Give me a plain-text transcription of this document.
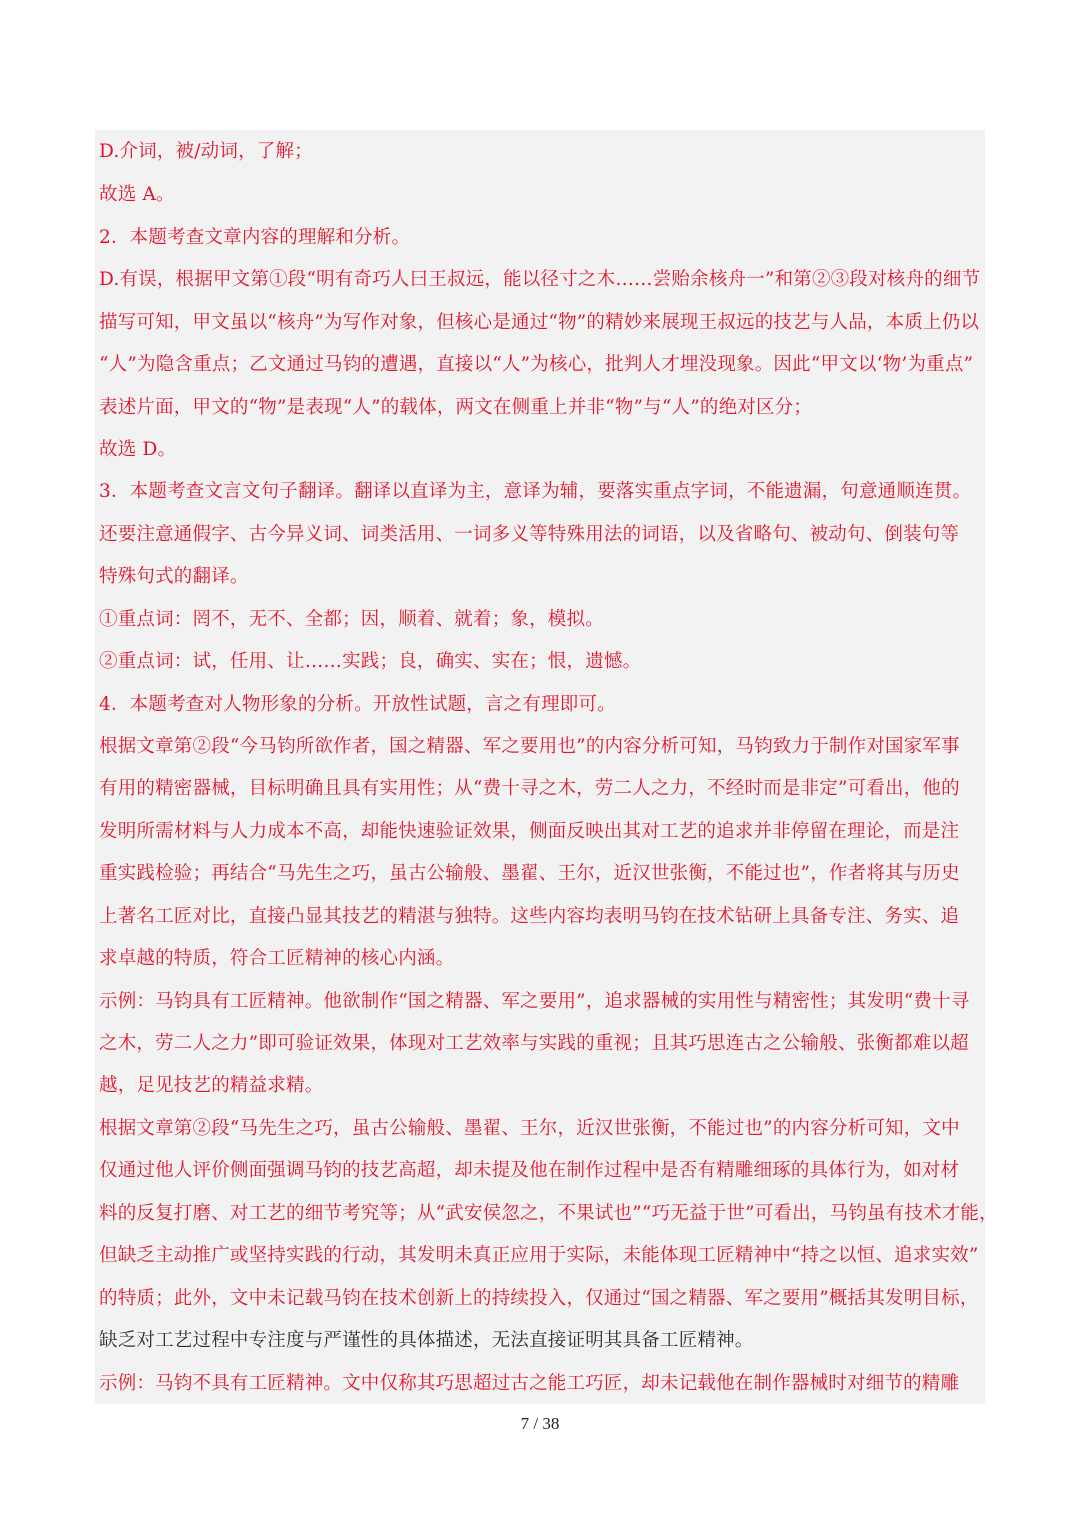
D.介词，被/动词，了解；
故选 A。
2．本题考查文章内容的理解和分析。
D.有误，根据甲文第①段“明有奇巧人曰王叔远，能以径寸之木……尝贻余核舟一”和第②③段对核舟的细节
描写可知，甲文虽以“核舟”为写作对象，但核心是通过“物”的精妙来展现王叔远的技艺与人品，本质上仍以
“人”为隐含重点；乙文通过马钧的遭遇，直接以“人”为核心，批判人才埋没现象。因此“甲文以‘物’为重点”
表述片面，甲文的“物”是表现“人”的载体，两文在侧重上并非“物”与“人”的绝对区分；
故选 D。
3．本题考查文言文句子翻译。翻译以直译为主，意译为辅，要落实重点字词，不能遗漏，句意通顺连贯。
还要注意通假字、古今异义词、词类活用、一词多义等特殊用法的词语，以及省略句、被动句、倒装句等
特殊句式的翻译。
①重点词：罔不，无不、全都；因，顺着、就着；象，模拟。
②重点词：试，任用、让……实践；良，确实、实在；恨，遗憾。
4．本题考查对人物形象的分析。开放性试题，言之有理即可。
根据文章第②段“今马钧所欲作者，国之精器、军之要用也”的内容分析可知，马钧致力于制作对国家军事
有用的精密器械，目标明确且具有实用性；从“费十寻之木，劳二人之力，不经时而是非定”可看出，他的
发明所需材料与人力成本不高，却能快速验证效果，侧面反映出其对工艺的追求并非停留在理论，而是注
重实践检验；再结合“马先生之巧，虽古公输般、墨翟、王尔，近汉世张衡，不能过也”，作者将其与历史
上著名工匠对比，直接凸显其技艺的精湛与独特。这些内容均表明马钧在技术钻研上具备专注、务实、追
求卓越的特质，符合工匠精神的核心内涵。
示例：马钧具有工匠精神。他欲制作“国之精器、军之要用”，追求器械的实用性与精密性；其发明“费十寻
之木，劳二人之力”即可验证效果，体现对工艺效率与实践的重视；且其巧思连古之公输般、张衡都难以超
越，足见技艺的精益求精。
根据文章第②段“马先生之巧，虽古公输般、墨翟、王尔，近汉世张衡，不能过也”的内容分析可知，文中
仅通过他人评价侧面强调马钧的技艺高超，却未提及他在制作过程中是否有精雕细琢的具体行为，如对材
料的反复打磨、对工艺的细节考究等；从“武安侯忽之，不果试也”“巧无益于世”可看出，马钧虽有技术才能，
但缺乏主动推广或坚持实践的行动，其发明未真正应用于实际，未能体现工匠精神中“持之以恒、追求实效”
的特质；此外，文中未记载马钧在技术创新上的持续投入，仅通过“国之精器、军之要用”概括其发明目标，
缺乏对工艺过程中专注度与严谨性的具体描述，无法直接证明其具备工匠精神。
示例：马钧不具有工匠精神。文中仅称其巧思超过古之能工巧匠，却未记载他在制作器械时对细节的精雕
7 / 38
